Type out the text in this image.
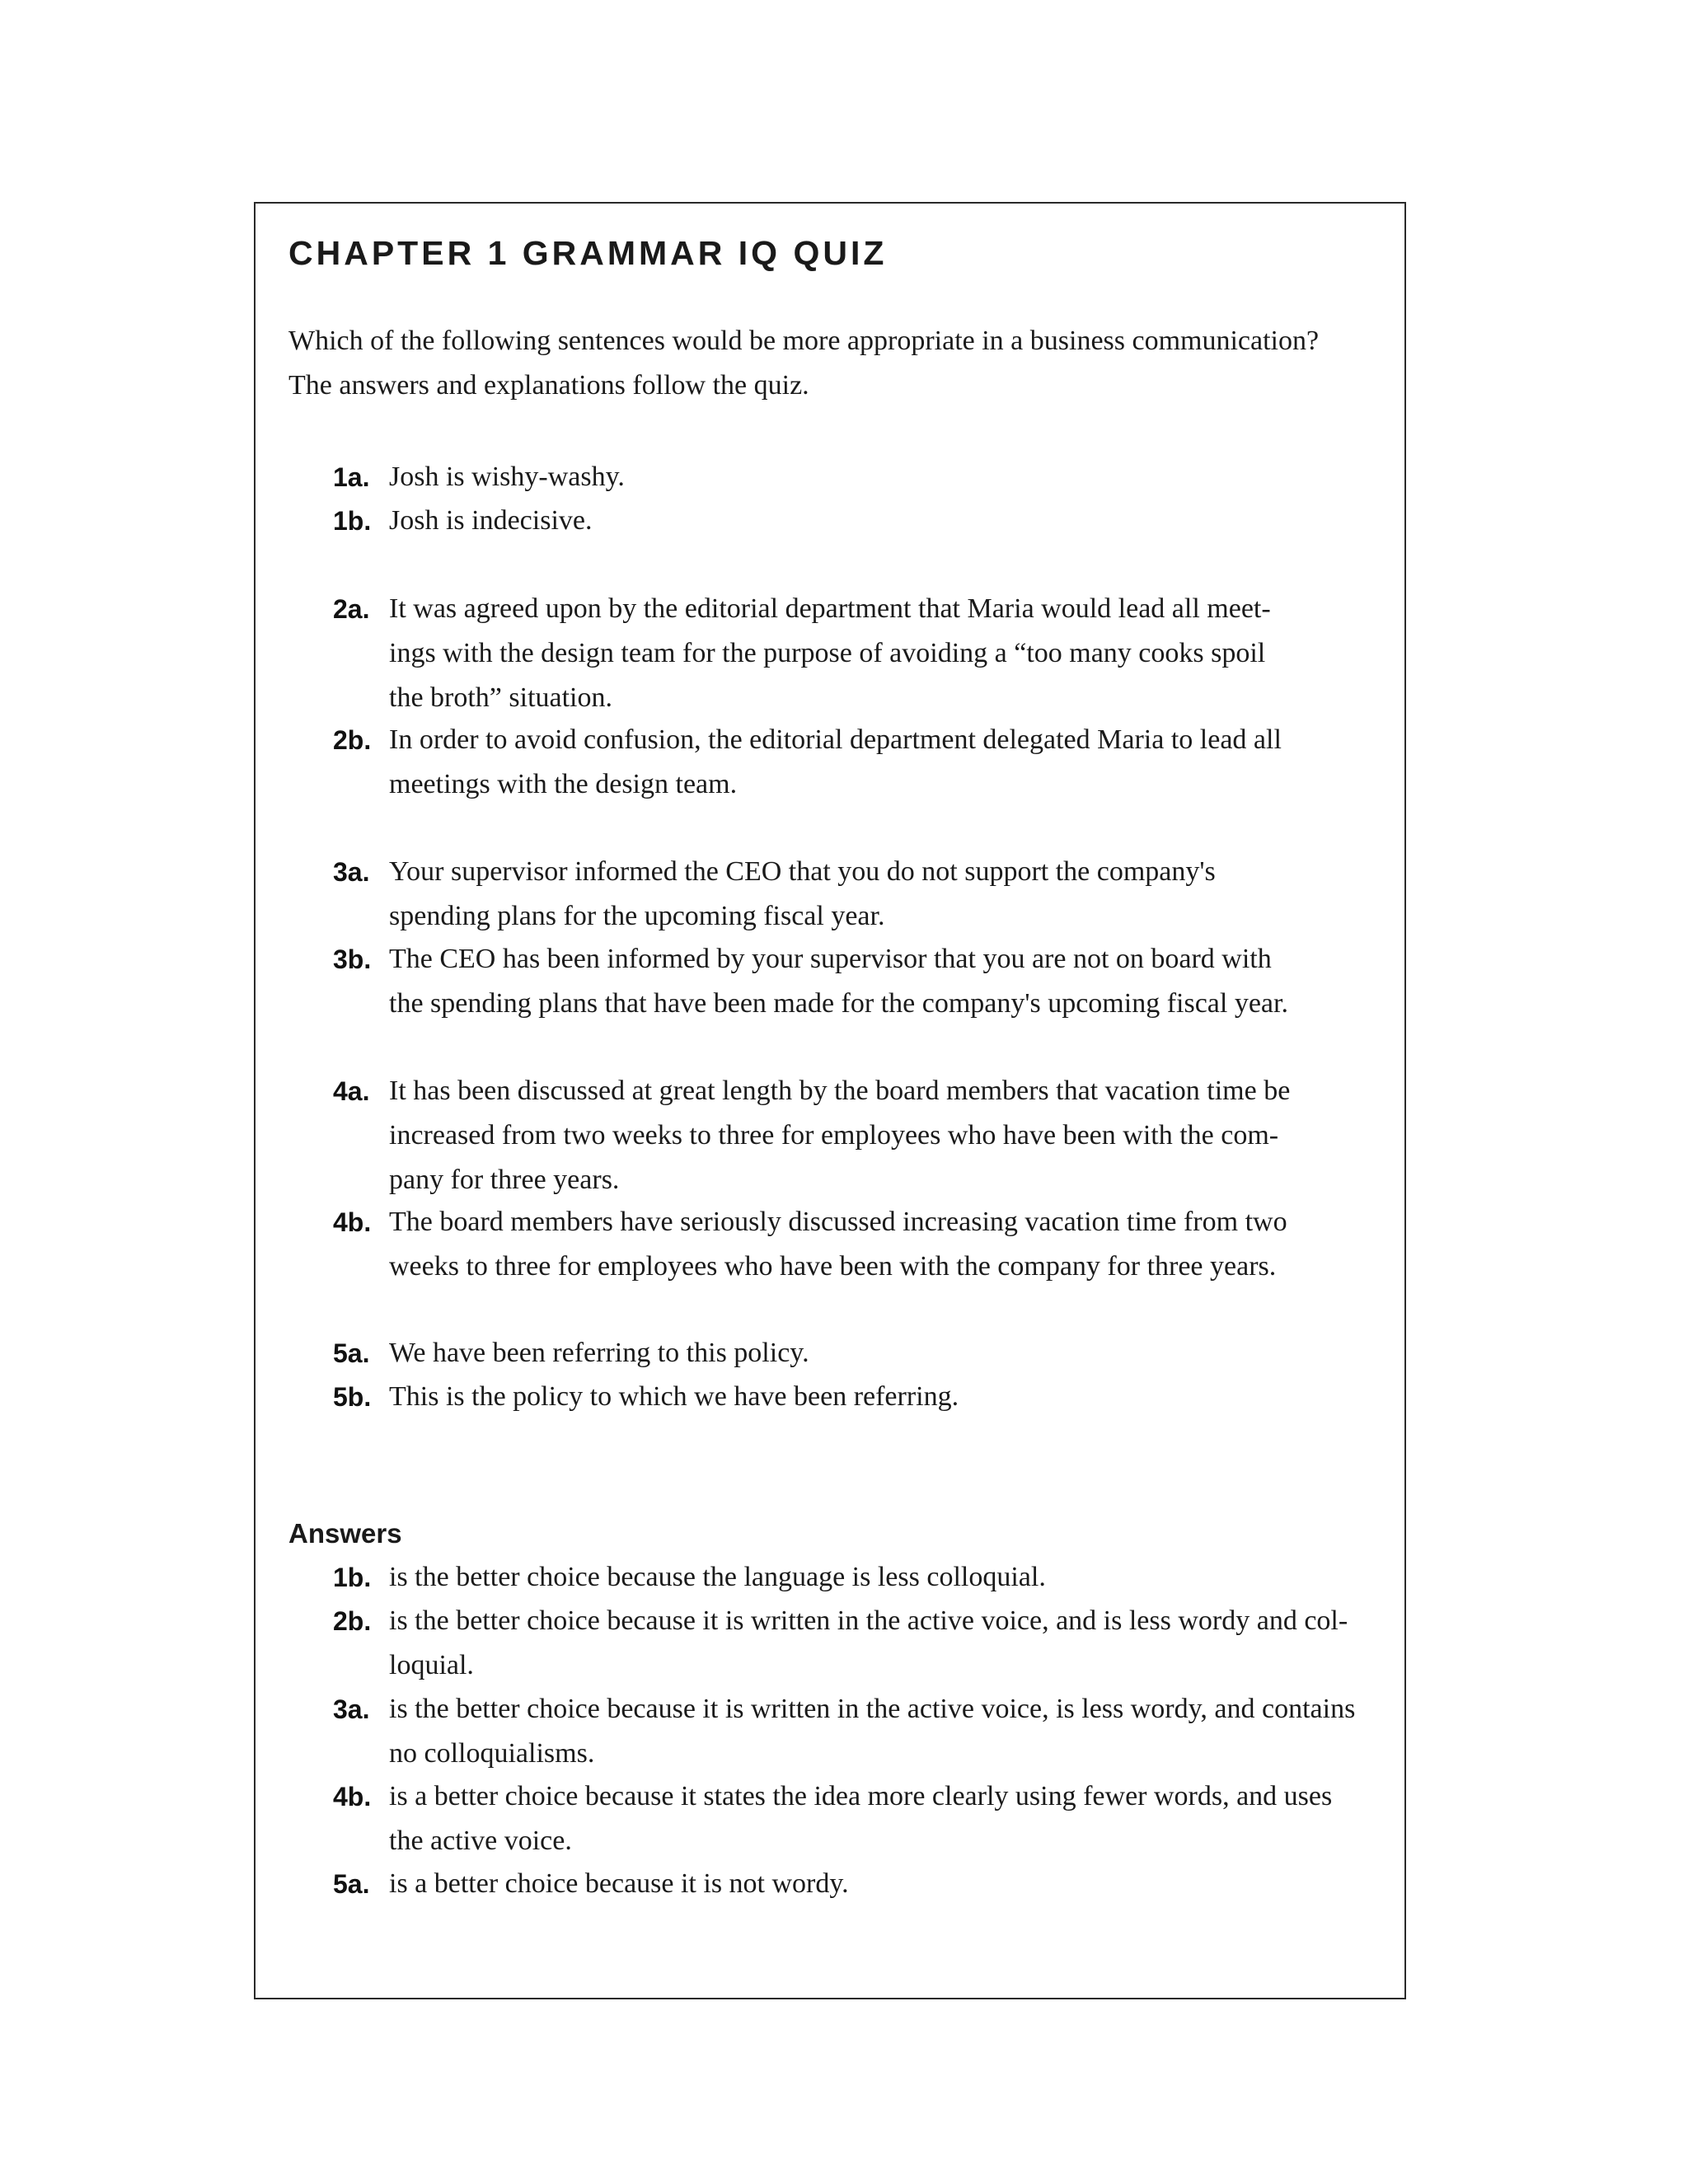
CHAPTER 1 GRAMMAR IQ QUIZ

Which of the following sentences would be more appropriate in a business communication?
The answers and explanations follow the quiz.

1a. Josh is wishy-washy.
1b. Josh is indecisive.
2a. It was agreed upon by the editorial department that Maria would lead all meet-
ings with the design team for the purpose of avoiding a “too many cooks spoil
the broth” situation.
2b. In order to avoid confusion, the editorial department delegated Maria to lead all
meetings with the design team.
3a. Your supervisor informed the CEO that you do not support the company's
spending plans for the upcoming fiscal year.
3b. The CEO has been informed by your supervisor that you are not on board with
the spending plans that have been made for the company's upcoming fiscal year.
4a. It has been discussed at great length by the board members that vacation time be
increased from two weeks to three for employees who have been with the com-
pany for three years.
4b. The board members have seriously discussed increasing vacation time from two
weeks to three for employees who have been with the company for three years.
5a. We have been referring to this policy.
5b. This is the policy to which we have been referring.
Answers
1b. is the better choice because the language is less colloquial.
2b. is the better choice because it is written in the active voice, and is less wordy and col-
loquial.
3a. is the better choice because it is written in the active voice, is less wordy, and contains
no colloquialisms.
4b. is a better choice because it states the idea more clearly using fewer words, and uses
the active voice.
5a. is a better choice because it is not wordy.
